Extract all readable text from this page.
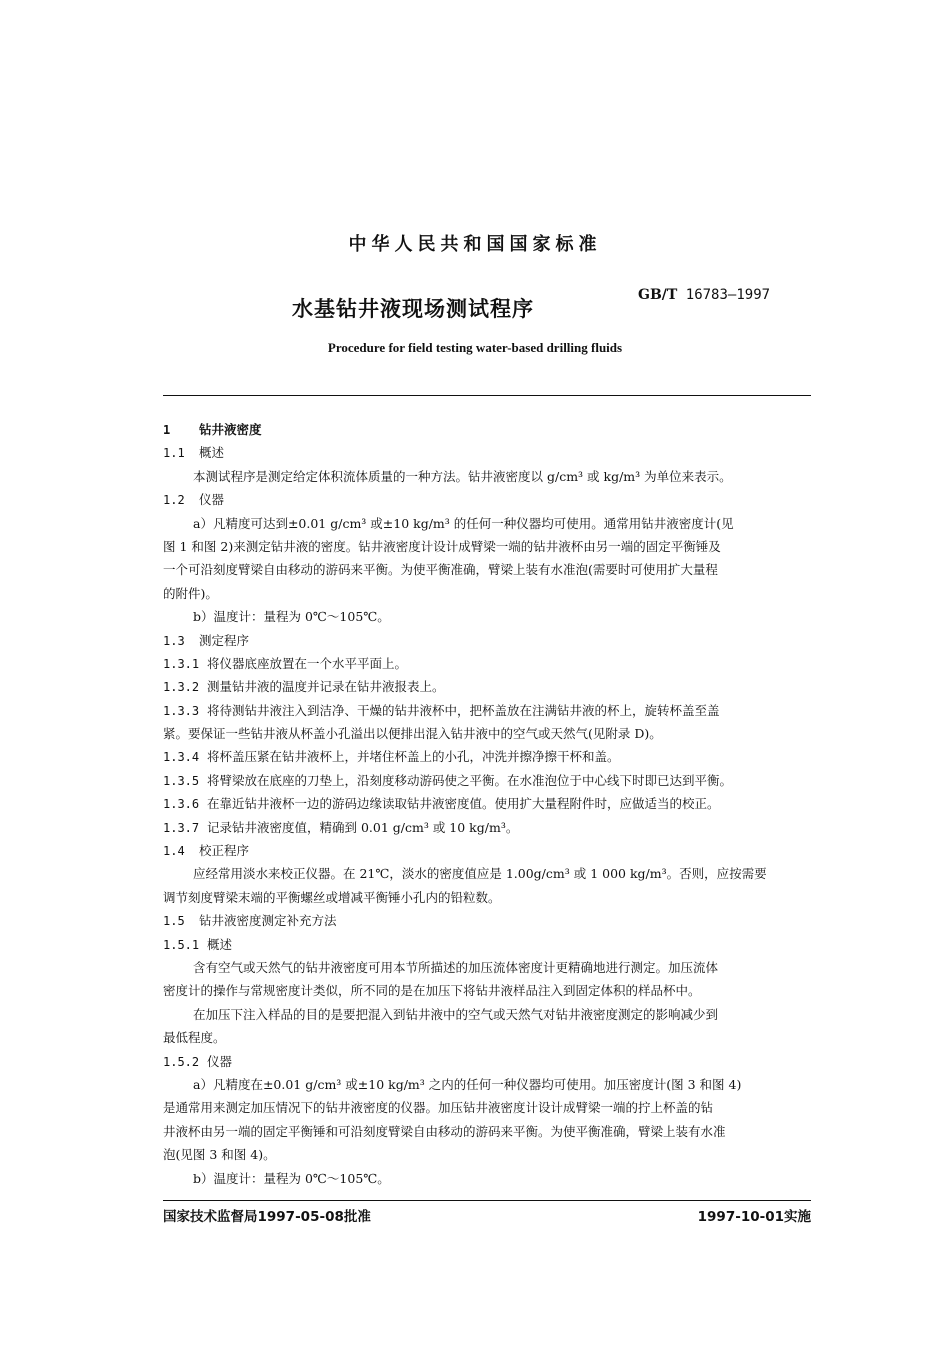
中华人民共和国国家标准
水基钻井液现场测试程序
GB/T 16783—1997
Procedure for field testing water-based drilling fluids
1 钻井液密度
1.1 概述
本测试程序是测定给定体积流体质量的一种方法。钻井液密度以 g/cm³ 或 kg/m³ 为单位来表示。
1.2 仪器
a）凡精度可达到±0.01 g/cm³ 或±10 kg/m³ 的任何一种仪器均可使用。通常用钻井液密度计(见
图 1 和图 2)来测定钻井液的密度。钻井液密度计设计成臂梁一端的钻井液杯由另一端的固定平衡锤及
一个可沿刻度臂梁自由移动的游码来平衡。为使平衡准确，臂梁上装有水准泡(需要时可使用扩大量程
的附件)。
b）温度计：量程为 0℃～105℃。
1.3 测定程序
1.3.1 将仪器底座放置在一个水平平面上。
1.3.2 测量钻井液的温度并记录在钻井液报表上。
1.3.3 将待测钻井液注入到洁净、干燥的钻井液杯中，把杯盖放在注满钻井液的杯上，旋转杯盖至盖
紧。要保证一些钻井液从杯盖小孔溢出以便排出混入钻井液中的空气或天然气(见附录 D)。
1.3.4 将杯盖压紧在钻井液杯上，并堵住杯盖上的小孔，冲洗并擦净擦干杯和盖。
1.3.5 将臂梁放在底座的刀垫上，沿刻度移动游码使之平衡。在水准泡位于中心线下时即已达到平衡。
1.3.6 在靠近钻井液杯一边的游码边缘读取钻井液密度值。使用扩大量程附件时，应做适当的校正。
1.3.7 记录钻井液密度值，精确到 0.01 g/cm³ 或 10 kg/m³。
1.4 校正程序
应经常用淡水来校正仪器。在 21℃，淡水的密度值应是 1.00g/cm³ 或 1 000 kg/m³。否则，应按需要
调节刻度臂梁末端的平衡螺丝或增减平衡锤小孔内的铅粒数。
1.5 钻井液密度测定补充方法
1.5.1 概述
含有空气或天然气的钻井液密度可用本节所描述的加压流体密度计更精确地进行测定。加压流体
密度计的操作与常规密度计类似，所不同的是在加压下将钻井液样品注入到固定体积的样品杯中。
在加压下注入样品的目的是要把混入到钻井液中的空气或天然气对钻井液密度测定的影响减少到
最低程度。
1.5.2 仪器
a）凡精度在±0.01 g/cm³ 或±10 kg/m³ 之内的任何一种仪器均可使用。加压密度计(图 3 和图 4)
是通常用来测定加压情况下的钻井液密度的仪器。加压钻井液密度计设计成臂梁一端的拧上杯盖的钻
井液杯由另一端的固定平衡锤和可沿刻度臂梁自由移动的游码来平衡。为使平衡准确，臂梁上装有水准
泡(见图 3 和图 4)。
b）温度计：量程为 0℃～105℃。
国家技术监督局1997-05-08批准	1997-10-01实施
